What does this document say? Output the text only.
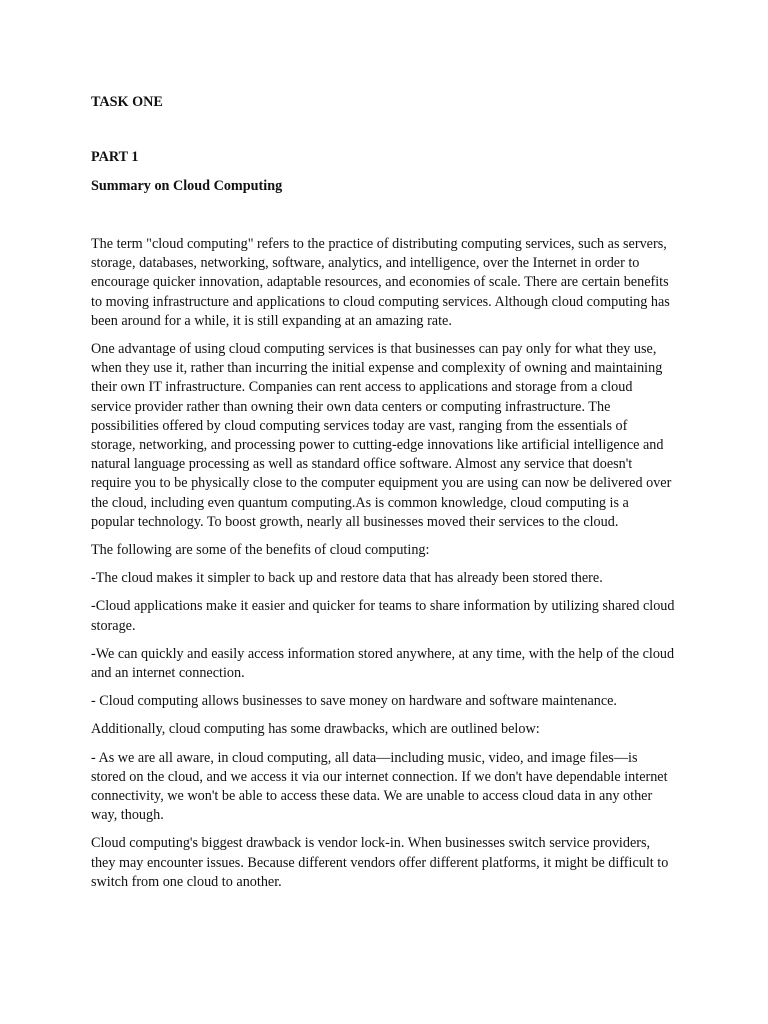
TASK ONE
PART 1
Summary on Cloud Computing

The term "cloud computing" refers to the practice of distributing computing services, such as servers, storage, databases, networking, software, analytics, and intelligence, over the Internet in order to encourage quicker innovation, adaptable resources, and economies of scale. There are certain benefits to moving infrastructure and applications to cloud computing services. Although cloud computing has been around for a while, it is still expanding at an amazing rate.

One advantage of using cloud computing services is that businesses can pay only for what they use, when they use it, rather than incurring the initial expense and complexity of owning and maintaining their own IT infrastructure. Companies can rent access to applications and storage from a cloud service provider rather than owning their own data centers or computing infrastructure. The possibilities offered by cloud computing services today are vast, ranging from the essentials of storage, networking, and processing power to cutting-edge innovations like artificial intelligence and natural language processing as well as standard office software. Almost any service that doesn't require you to be physically close to the computer equipment you are using can now be delivered over the cloud, including even quantum computing.As is common knowledge, cloud computing is a popular technology. To boost growth, nearly all businesses moved their services to the cloud.

The following are some of the benefits of cloud computing:

-The cloud makes it simpler to back up and restore data that has already been stored there.

-Cloud applications make it easier and quicker for teams to share information by utilizing shared cloud storage.

-We can quickly and easily access information stored anywhere, at any time, with the help of the cloud and an internet connection.

- Cloud computing allows businesses to save money on hardware and software maintenance.

Additionally, cloud computing has some drawbacks, which are outlined below:

- As we are all aware, in cloud computing, all data—including music, video, and image files—is stored on the cloud, and we access it via our internet connection. If we don't have dependable internet connectivity, we won't be able to access these data. We are unable to access cloud data in any other way, though.

Cloud computing's biggest drawback is vendor lock-in. When businesses switch service providers, they may encounter issues. Because different vendors offer different platforms, it might be difficult to switch from one cloud to another.
